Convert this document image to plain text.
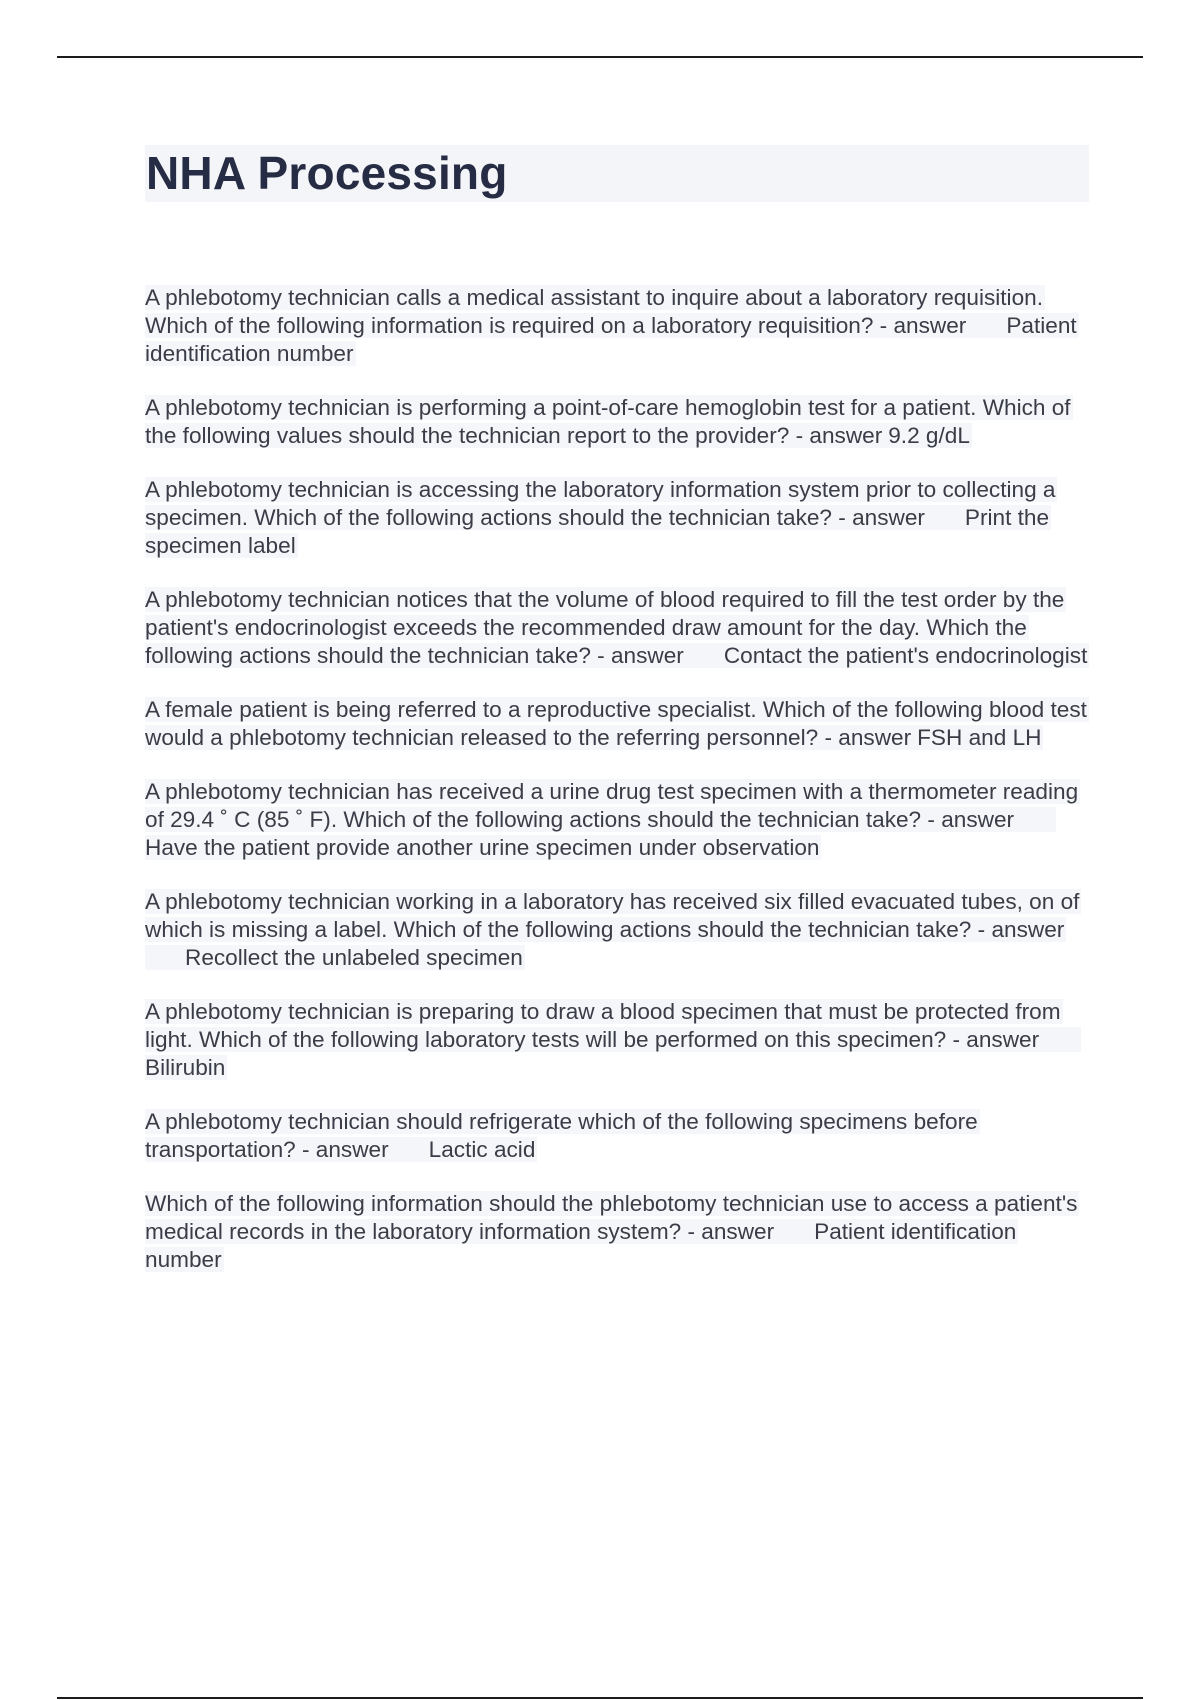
NHA Processing

A phlebotomy technician calls a medical assistant to inquire about a laboratory requisition. Which of the following information is required on a laboratory requisition? - answer Patient identification number

A phlebotomy technician is performing a point-of-care hemoglobin test for a patient. Which of the following values should the technician report to the provider? - answer 9.2 g/dL

A phlebotomy technician is accessing the laboratory information system prior to collecting a specimen. Which of the following actions should the technician take? - answer Print the specimen label

A phlebotomy technician notices that the volume of blood required to fill the test order by the patient's endocrinologist exceeds the recommended draw amount for the day. Which the following actions should the technician take? - answer Contact the patient's endocrinologist

A female patient is being referred to a reproductive specialist. Which of the following blood test would a phlebotomy technician released to the referring personnel? - answer FSH and LH

A phlebotomy technician has received a urine drug test specimen with a thermometer reading of 29.4 ˚ C (85 ˚ F). Which of the following actions should the technician take? - answerHave the patient provide another urine specimen under observation

A phlebotomy technician working in a laboratory has received six filled evacuated tubes, on of which is missing a label. Which of the following actions should the technician take? - answerRecollect the unlabeled specimen

A phlebotomy technician is preparing to draw a blood specimen that must be protected from light. Which of the following laboratory tests will be performed on this specimen? - answerBilirubin

A phlebotomy technician should refrigerate which of the following specimens before transportation? - answer Lactic acid

Which of the following information should the phlebotomy technician use to access a patient's medical records in the laboratory information system? - answer Patient identification number
